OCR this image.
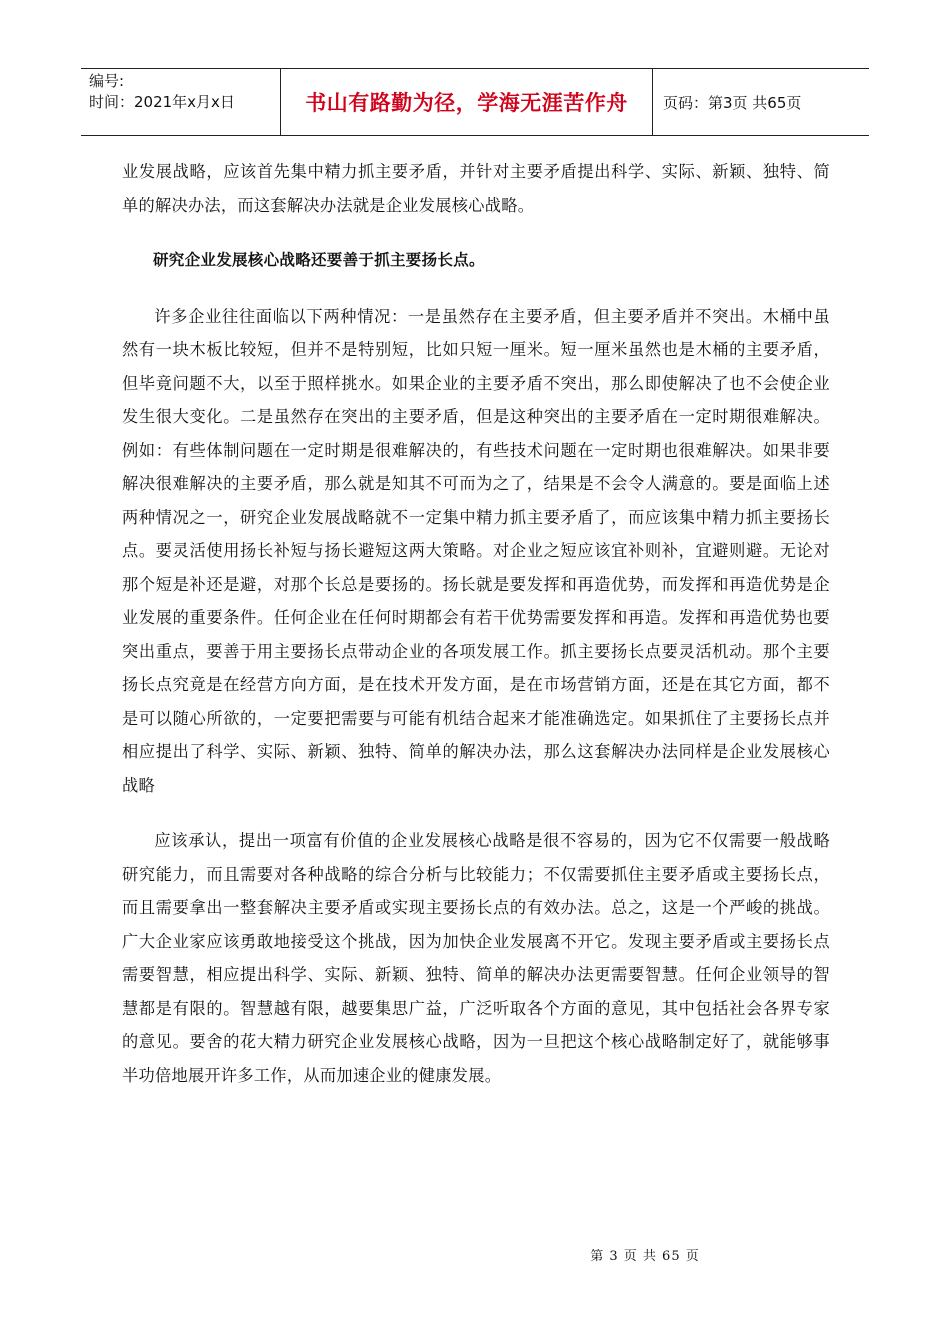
编号:
时间：2021年x月x日	书山有路勤为径，学海无涯苦作舟	页码：第3页 共65页

业发展战略，应该首先集中精力抓主要矛盾，并针对主要矛盾提出科学、实际、新颖、独特、简单的解决办法，而这套解决办法就是企业发展核心战略。

研究企业发展核心战略还要善于抓主要扬长点。

许多企业往往面临以下两种情况：一是虽然存在主要矛盾，但主要矛盾并不突出。木桶中虽然有一块木板比较短，但并不是特别短，比如只短一厘米。短一厘米虽然也是木桶的主要矛盾，但毕竟问题不大，以至于照样挑水。如果企业的主要矛盾不突出，那么即使解决了也不会使企业发生很大变化。二是虽然存在突出的主要矛盾，但是这种突出的主要矛盾在一定时期很难解决。例如：有些体制问题在一定时期是很难解决的，有些技术问题在一定时期也很难解决。如果非要解决很难解决的主要矛盾，那么就是知其不可而为之了，结果是不会令人满意的。要是面临上述两种情况之一，研究企业发展战略就不一定集中精力抓主要矛盾了，而应该集中精力抓主要扬长点。要灵活使用扬长补短与扬长避短这两大策略。对企业之短应该宜补则补，宜避则避。无论对那个短是补还是避，对那个长总是要扬的。扬长就是要发挥和再造优势，而发挥和再造优势是企业发展的重要条件。任何企业在任何时期都会有若干优势需要发挥和再造。发挥和再造优势也要突出重点，要善于用主要扬长点带动企业的各项发展工作。抓主要扬长点要灵活机动。那个主要扬长点究竟是在经营方向方面，是在技术开发方面，是在市场营销方面，还是在其它方面，都不是可以随心所欲的，一定要把需要与可能有机结合起来才能准确选定。如果抓住了主要扬长点并相应提出了科学、实际、新颖、独特、简单的解决办法，那么这套解决办法同样是企业发展核心战略

应该承认，提出一项富有价值的企业发展核心战略是很不容易的，因为它不仅需要一般战略研究能力，而且需要对各种战略的综合分析与比较能力；不仅需要抓住主要矛盾或主要扬长点，而且需要拿出一整套解决主要矛盾或实现主要扬长点的有效办法。总之，这是一个严峻的挑战。广大企业家应该勇敢地接受这个挑战，因为加快企业发展离不开它。发现主要矛盾或主要扬长点需要智慧，相应提出科学、实际、新颖、独特、简单的解决办法更需要智慧。任何企业领导的智慧都是有限的。智慧越有限，越要集思广益，广泛听取各个方面的意见，其中包括社会各界专家的意见。要舍的花大精力研究企业发展核心战略，因为一旦把这个核心战略制定好了，就能够事半功倍地展开许多工作，从而加速企业的健康发展。

第 3 页 共 65 页
